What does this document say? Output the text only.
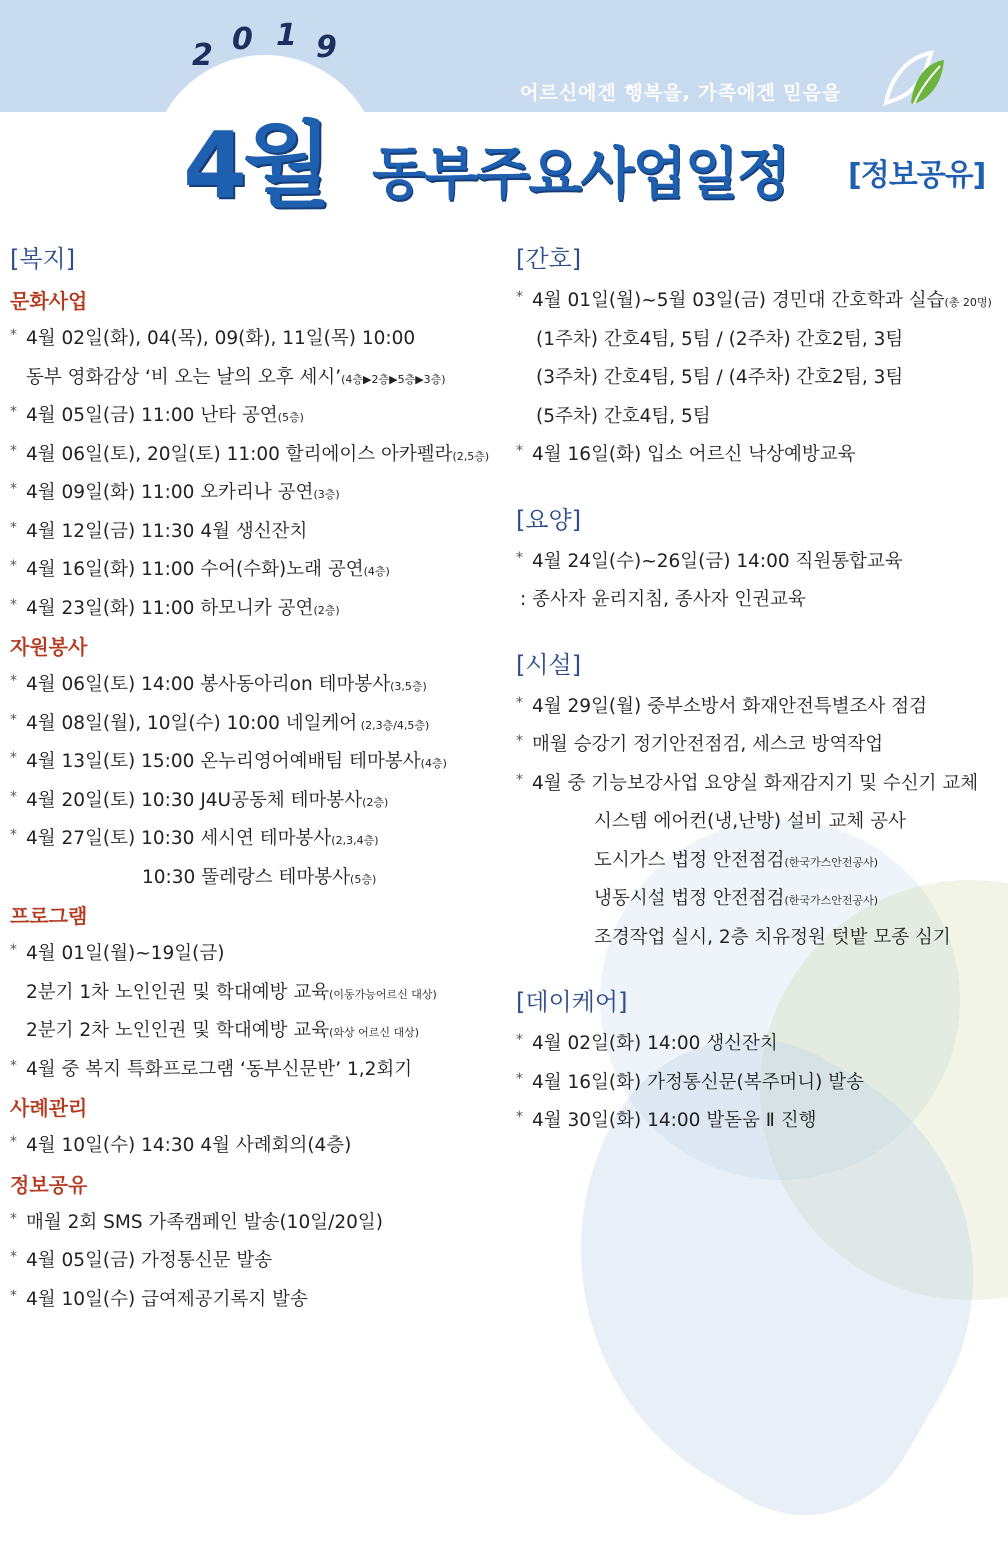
2 0 1 9
어르신에겐 행복을, 가족에겐 믿음을
4월 동부주요사업일정 [정보공유]
[복지]
문화사업
* 4월 02일(화), 04(목), 09(화), 11일(목) 10:00
동부 영화감상 ‘비 오는 날의 오후 세시’(4층▶2층▶5층▶3층)
* 4월 05일(금) 11:00 난타 공연(5층)
* 4월 06일(토), 20일(토) 11:00 할리에이스 아카펠라(2,5층)
* 4월 09일(화) 11:00 오카리나 공연(3층)
* 4월 12일(금) 11:30 4월 생신잔치
* 4월 16일(화) 11:00 수어(수화)노래 공연(4층)
* 4월 23일(화) 11:00 하모니카 공연(2층)
자원봉사
* 4월 06일(토) 14:00 봉사동아리on 테마봉사(3,5층)
* 4월 08일(월), 10일(수) 10:00 네일케어 (2,3층/4,5층)
* 4월 13일(토) 15:00 온누리영어예배팀 테마봉사(4층)
* 4월 20일(토) 10:30 J4U공동체 테마봉사(2층)
* 4월 27일(토) 10:30 세시연 테마봉사(2,3,4층)
10:30 뚤레랑스 테마봉사(5층)
프로그램
* 4월 01일(월)~19일(금)
2분기 1차 노인인권 및 학대예방 교육(이동가능어르신 대상)
2분기 2차 노인인권 및 학대예방 교육(와상 어르신 대상)
* 4월 중 복지 특화프로그램 ‘동부신문반’ 1,2회기
사례관리
* 4월 10일(수) 14:30 4월 사례회의(4층)
정보공유
* 매월 2회 SMS 가족캠페인 발송(10일/20일)
* 4월 05일(금) 가정통신문 발송
* 4월 10일(수) 급여제공기록지 발송
[간호]
* 4월 01일(월)~5월 03일(금) 경민대 간호학과 실습(총 20명)
(1주차) 간호4팀, 5팀 / (2주차) 간호2팀, 3팀
(3주차) 간호4팀, 5팀 / (4주차) 간호2팀, 3팀
(5주차) 간호4팀, 5팀
* 4월 16일(화) 입소 어르신 낙상예방교육
[요양]
* 4월 24일(수)~26일(금) 14:00 직원통합교육
: 종사자 윤리지침, 종사자 인권교육
[시설]
* 4월 29일(월) 중부소방서 화재안전특별조사 점검
* 매월 승강기 정기안전점검, 세스코 방역작업
* 4월 중 기능보강사업 요양실 화재감지기 및 수신기 교체
시스템 에어컨(냉,난방) 설비 교체 공사
도시가스 법정 안전점검(한국가스안전공사)
냉동시설 법정 안전점검(한국가스안전공사)
조경작업 실시, 2층 치유정원 텃밭 모종 심기
[데이케어]
* 4월 02일(화) 14:00 생신잔치
* 4월 16일(화) 가정통신문(복주머니) 발송
* 4월 30일(화) 14:00 발돋움 Ⅱ 진행
